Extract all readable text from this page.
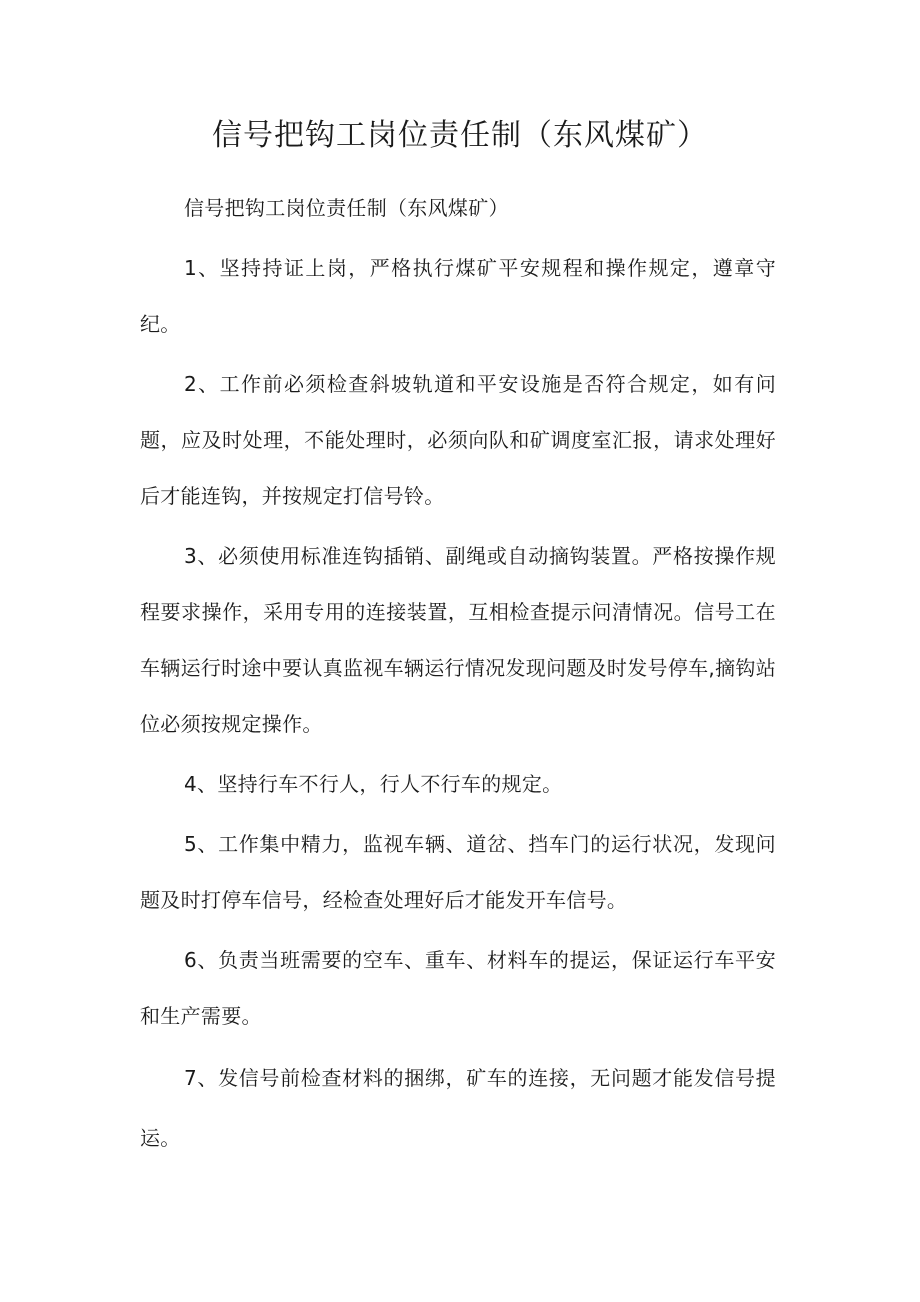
信号把钩工岗位责任制（东风煤矿）

信号把钩工岗位责任制（东风煤矿）

1、坚持持证上岗，严格执行煤矿平安规程和操作规定，遵章守纪。

2、工作前必须检查斜坡轨道和平安设施是否符合规定，如有问题，应及时处理，不能处理时，必须向队和矿调度室汇报，请求处理好后才能连钩，并按规定打信号铃。

3、必须使用标准连钩插销、副绳或自动摘钩装置。严格按操作规程要求操作，采用专用的连接装置，互相检查提示问清情况。信号工在车辆运行时途中要认真监视车辆运行情况发现问题及时发号停车,摘钩站位必须按规定操作。

4、坚持行车不行人，行人不行车的规定。

5、工作集中精力，监视车辆、道岔、挡车门的运行状况，发现问题及时打停车信号，经检查处理好后才能发开车信号。

6、负责当班需要的空车、重车、材料车的提运，保证运行车平安和生产需要。

7、发信号前检查材料的捆绑，矿车的连接，无问题才能发信号提运。
